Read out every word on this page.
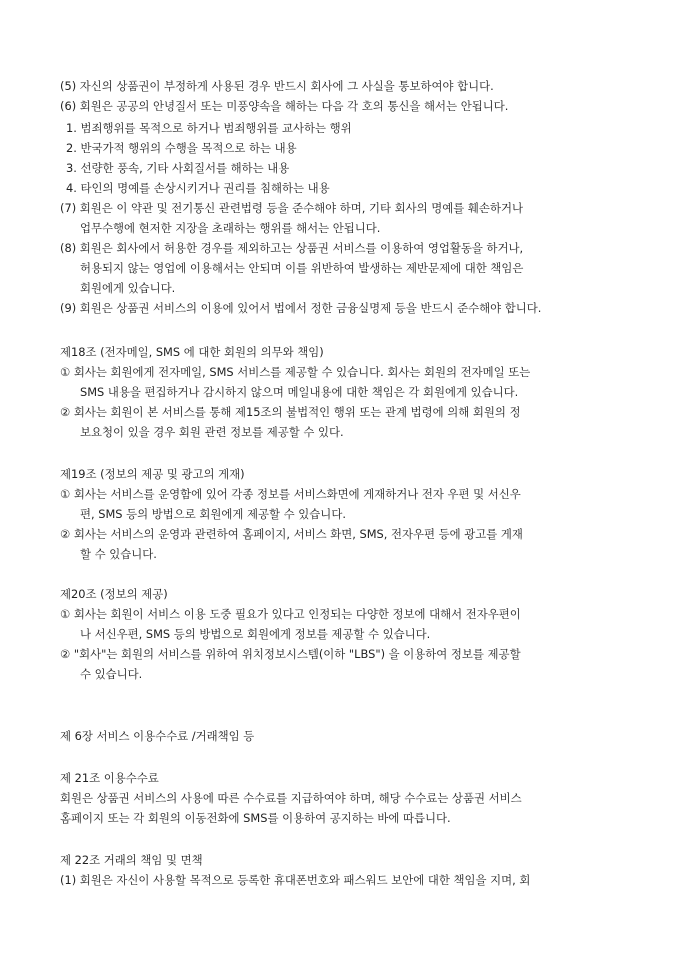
(5) 자신의 상품권이 부정하게 사용된 경우 반드시 회사에 그 사실을 통보하여야 합니다.
(6) 회원은 공공의 안녕질서 또는 미풍양속을 해하는 다음 각 호의 통신을 해서는 안됩니다.
1. 범죄행위를 목적으로 하거나 범죄행위를 교사하는 행위
2. 반국가적 행위의 수행을 목적으로 하는 내용
3. 선량한 풍속, 기타 사회질서를 해하는 내용
4. 타인의 명예를 손상시키거나 권리를 침해하는 내용
(7) 회원은 이 약관 및 전기통신 관련법령 등을 준수해야 하며, 기타 회사의 명예를 훼손하거나
업무수행에 현저한 지장을 초래하는 행위를 해서는 안됩니다.
(8) 회원은 회사에서 허용한 경우를 제외하고는 상품권 서비스를 이용하여 영업활동을 하거나,
허용되지 않는 영업에 이용해서는 안되며 이를 위반하여 발생하는 제반문제에 대한 책임은
회원에게 있습니다.
(9) 회원은 상품권 서비스의 이용에 있어서 법에서 정한 금융실명제 등을 반드시 준수해야 합니다.
제18조 (전자메일, SMS 에 대한 회원의 의무와 책임)
① 회사는 회원에게 전자메일, SMS 서비스를 제공할 수 있습니다. 회사는 회원의 전자메일 또는
SMS 내용을 편집하거나 감시하지 않으며 메일내용에 대한 책임은 각 회원에게 있습니다.
② 회사는 회원이 본 서비스를 통해 제15조의 불법적인 행위 또는 관계 법령에 의해 회원의 정
보요청이 있을 경우 회원 관련 정보를 제공할 수 있다.
제19조 (정보의 제공 및 광고의 게재)
① 회사는 서비스를 운영함에 있어 각종 정보를 서비스화면에 게재하거나 전자 우편 및 서신우
편, SMS 등의 방법으로 회원에게 제공할 수 있습니다.
② 회사는 서비스의 운영과 관련하여 홈페이지, 서비스 화면, SMS, 전자우편 등에 광고를 게재
할 수 있습니다.
제20조 (정보의 제공)
① 회사는 회원이 서비스 이용 도중 필요가 있다고 인정되는 다양한 정보에 대해서 전자우편이
나 서신우편, SMS 등의 방법으로 회원에게 정보를 제공할 수 있습니다.
② "회사"는 회원의 서비스를 위하여 위치정보시스템(이하 "LBS") 을 이용하여 정보를 제공할
수 있습니다.
제 6장 서비스 이용수수료 /거래책임 등
제 21조 이용수수료
회원은 상품권 서비스의 사용에 따른 수수료를 지급하여야 하며, 해당 수수료는 상품권 서비스
홈페이지 또는 각 회원의 이동전화에 SMS를 이용하여 공지하는 바에 따릅니다.
제 22조 거래의 책임 및 면책
(1) 회원은 자신이 사용할 목적으로 등록한 휴대폰번호와 패스워드 보안에 대한 책임을 지며, 회
